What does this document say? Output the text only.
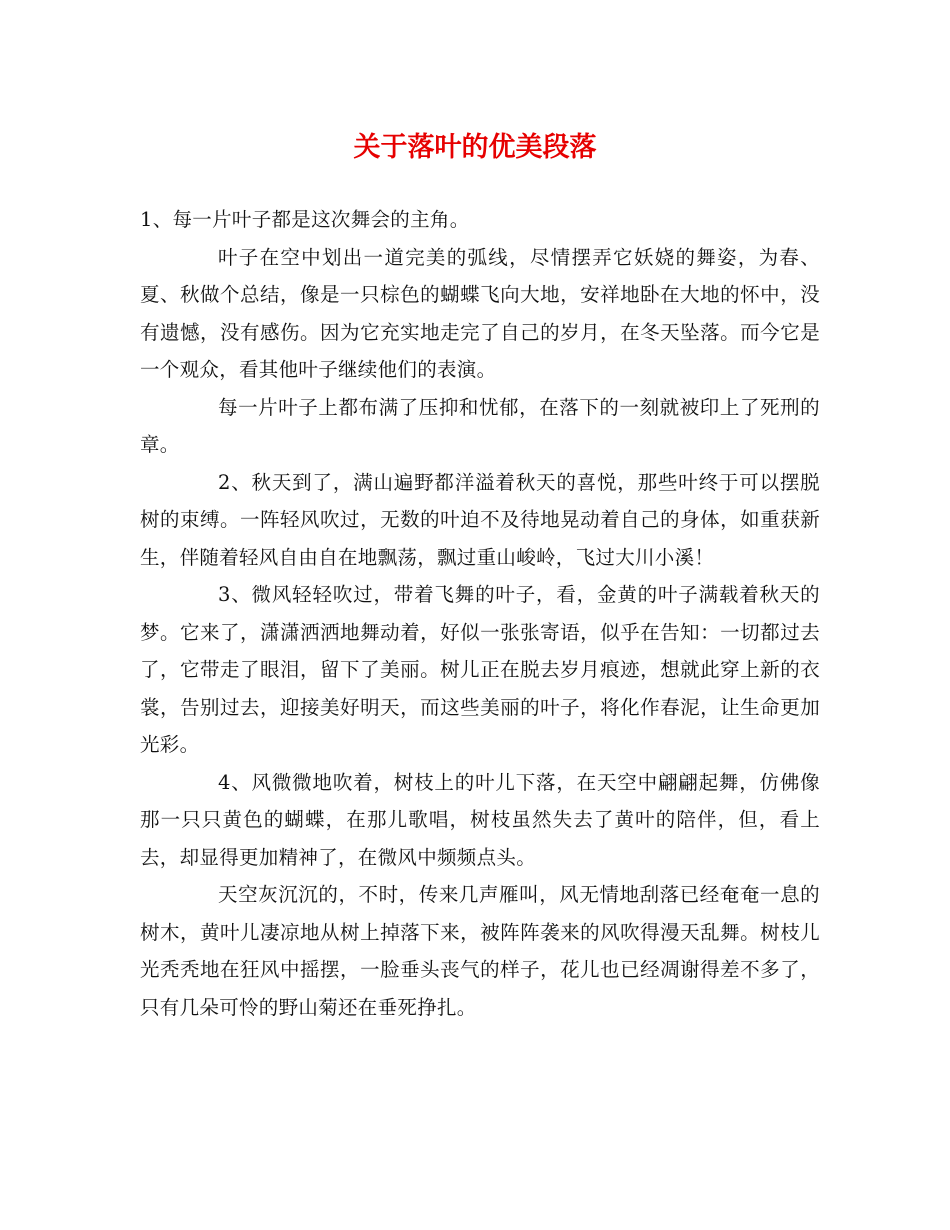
关于落叶的优美段落

1、每一片叶子都是这次舞会的主角。

叶子在空中划出一道完美的弧线，尽情摆弄它妖娆的舞姿，为春、夏、秋做个总结，像是一只棕色的蝴蝶飞向大地，安祥地卧在大地的怀中，没有遗憾，没有感伤。因为它充实地走完了自己的岁月，在冬天坠落。而今它是一个观众，看其他叶子继续他们的表演。

每一片叶子上都布满了压抑和忧郁，在落下的一刻就被印上了死刑的章。

2、秋天到了，满山遍野都洋溢着秋天的喜悦，那些叶终于可以摆脱树的束缚。一阵轻风吹过，无数的叶迫不及待地晃动着自己的身体，如重获新生，伴随着轻风自由自在地飘荡，飘过重山峻岭，飞过大川小溪！

3、微风轻轻吹过，带着飞舞的叶子，看，金黄的叶子满载着秋天的梦。它来了，潇潇洒洒地舞动着，好似一张张寄语，似乎在告知：一切都过去了，它带走了眼泪，留下了美丽。树儿正在脱去岁月痕迹，想就此穿上新的衣裳，告别过去，迎接美好明天，而这些美丽的叶子，将化作春泥，让生命更加光彩。

4、风微微地吹着，树枝上的叶儿下落，在天空中翩翩起舞，仿佛像那一只只黄色的蝴蝶，在那儿歌唱，树枝虽然失去了黄叶的陪伴，但，看上去，却显得更加精神了，在微风中频频点头。

天空灰沉沉的，不时，传来几声雁叫，风无情地刮落已经奄奄一息的树木，黄叶儿凄凉地从树上掉落下来，被阵阵袭来的风吹得漫天乱舞。树枝儿光秃秃地在狂风中摇摆，一脸垂头丧气的样子，花儿也已经凋谢得差不多了，只有几朵可怜的野山菊还在垂死挣扎。
